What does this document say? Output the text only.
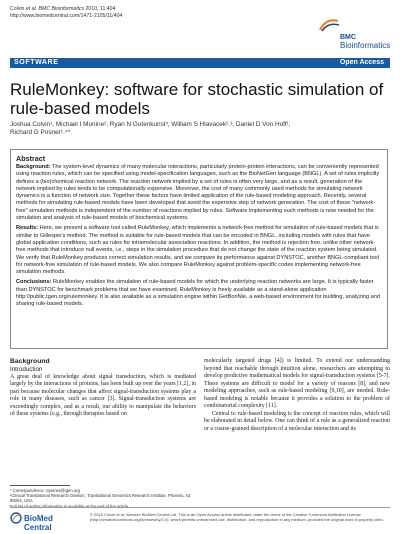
Colvin et al. BMC Bioinformatics 2010, 11:404
http://www.biomedcentral.com/1471-2105/11/404
BMC
Bioinformatics
SOFTWARE	Open Access
RuleMonkey: software for stochastic simulation of rule-based models
Joshua Colvin¹, Michael I Monine², Ryan N Gutenkunst³, William S Hlavacek²˒³, Daniel D Von Hoff¹, Richard G Posner¹˒⁴*
Abstract

Background: The system-level dynamics of many molecular interactions, particularly protein-protein interactions, can be conveniently represented using reaction rules, which can be specified using model-specification languages, such as the BioNetGen language (BNGL). A set of rules implicitly defines a (bio)chemical reaction network. The reaction network implied by a set of rules is often very large, and as a result, generation of the network implied by rules tends to be computationally expensive. Moreover, the cost of many commonly used methods for simulating network dynamics is a function of network size. Together these factors have limited application of the rule-based modeling approach. Recently, several methods for simulating rule-based models have been developed that avoid the expensive step of network generation. The cost of these "network-free" simulation methods is independent of the number of reactions implied by rules. Software implementing such methods is now needed for the simulation and analysis of rule-based models of biochemical systems.

Results: Here, we present a software tool called RuleMonkey, which implements a network-free method for simulation of rule-based models that is similar to Gillespie's method. The method is suitable for rule-based models that can be encoded in BNGL, including models with rules that have global application conditions, such as rules for intramolecular association reactions. In addition, the method is rejection free, unlike other network-free methods that introduce null events, i.e., steps in the simulation procedure that do not change the state of the reaction system being simulated. We verify that RuleMonkey produces correct simulation results, and we compare its performance against DYNSTOC, another BNGL-compliant tool for network-free simulation of rule-based models. We also compare RuleMonkey against problem-specific codes implementing network-free simulation methods.

Conclusions: RuleMonkey enables the simulation of rule-based models for which the underlying reaction networks are large. It is typically faster than DYNSTOC for benchmark problems that we have examined. RuleMonkey is freely available as a stand-alone application http://public.tgen.org/rulemonkey. It is also available as a simulation engine within GetBonNie, a web-based environment for building, analyzing and sharing rule-based models.

Background
Introduction

A great deal of knowledge about signal transduction, which is mediated largely by the interactions of proteins, has been built up over the years [1,2], in part because molecular changes that affect signal-transduction systems play a role in many diseases, such as cancer [3]. Signal-transduction systems are exceedingly complex, and as a result, our ability to manipulate the behaviors of these systems (e.g., through therapies based on

molecularly targeted drugs [4]) is limited. To extend our understanding beyond that reachable through intuition alone, researchers are attempting to develop predictive mathematical models for signal-transduction systems [5-7]. These systems are difficult to model for a variety of reasons [8], and new modeling approaches, such as rule-based modeling [9,10], are needed. Rule-based modeling is notable because it provides a solution to the problem of combinatorial complexity [11].

Central to rule-based modeling is the concept of reaction rules, which will be elaborated in detail below. One can think of a rule as a generalized reaction or a coarse-grained description of a molecular interaction and its

* Correspondence: rposner@tgen.org
¹Clinical Translational Research Division, Translational Genomics Research Institute, Phoenix, AZ 85004, USA
Full list of author information is available at the end of the article
BioMed Central
© 2010 Colvin et al; licensee BioMed Central Ltd. This is an Open Access article distributed under the terms of the Creative Commons Attribution License (http://creativecommons.org/licenses/by/2.0), which permits unrestricted use, distribution, and reproduction in any medium, provided the original work is properly cited.
